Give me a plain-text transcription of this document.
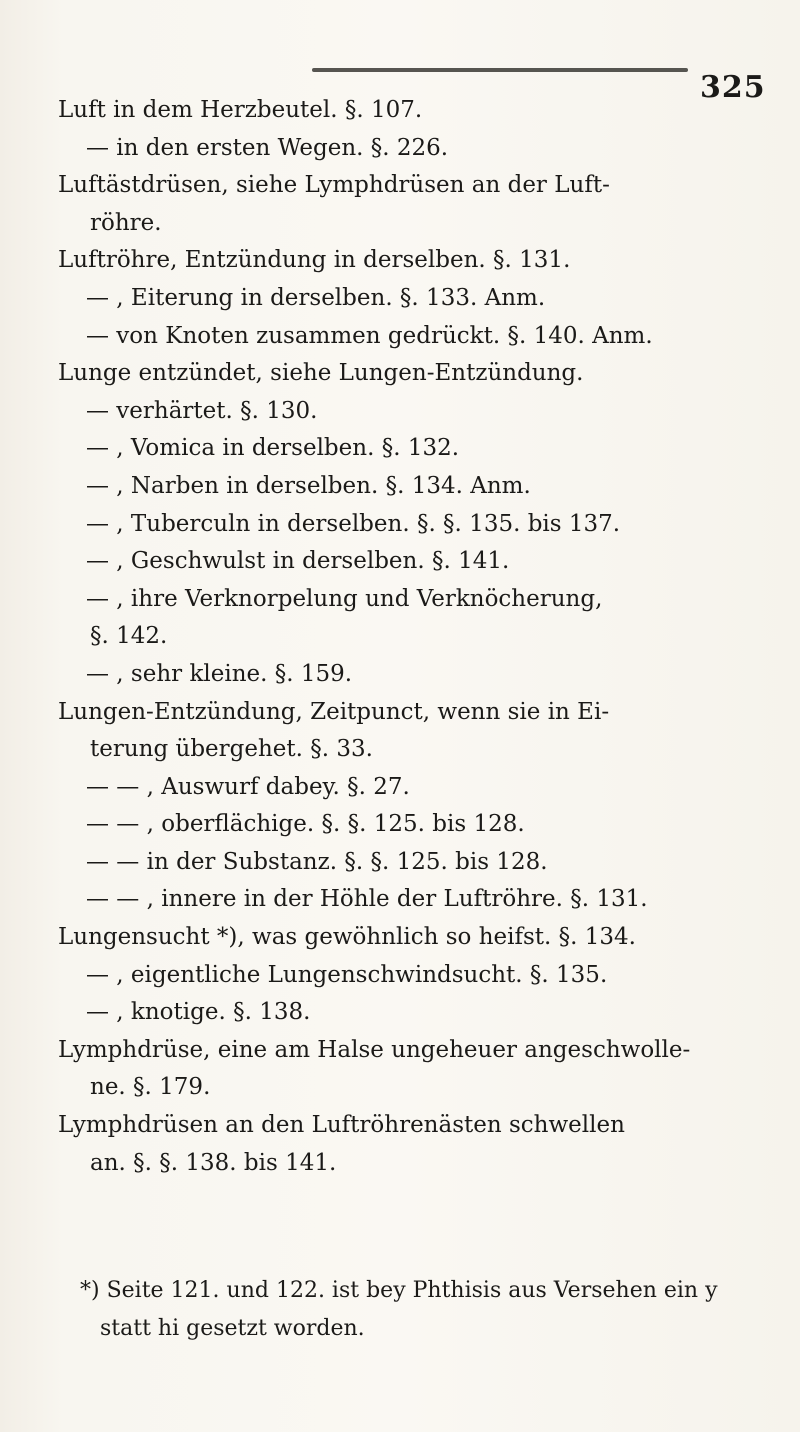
325
Luft in dem Herzbeutel. §. 107.
— in den ersten Wegen. §. 226.
Luftästdrüsen, siehe Lymphdrüsen an der Luft-
röhre.
Luftröhre, Entzündung in derselben. §. 131.
— , Eiterung in derselben. §. 133. Anm.
— von Knoten zusammen gedrückt. §. 140. Anm.
Lunge entzündet, siehe Lungen-Entzündung.
— verhärtet. §. 130.
— , Vomica in derselben. §. 132.
— , Narben in derselben. §. 134. Anm.
— , Tuberculn in derselben. §. §. 135. bis 137.
— , Geschwulst in derselben. §. 141.
— , ihre Verknorpelung und Verknöcherung,
§. 142.
— , sehr kleine. §. 159.
Lungen-Entzündung, Zeitpunct, wenn sie in Ei-
terung übergehet. §. 33.
— — , Auswurf dabey. §. 27.
— — , oberflächige. §. §. 125. bis 128.
— — in der Substanz. §. §. 125. bis 128.
— — , innere in der Höhle der Luftröhre. §. 131.
Lungensucht *), was gewöhnlich so heifst. §. 134.
— , eigentliche Lungenschwindsucht. §. 135.
— , knotige. §. 138.
Lymphdrüse, eine am Halse ungeheuer angeschwolle-
ne. §. 179.
Lymphdrüsen an den Luftröhrenästen schwellen
an. §. §. 138. bis 141.
*) Seite 121. und 122. ist bey Phthisis aus Versehen ein y
statt hi gesetzt worden.
